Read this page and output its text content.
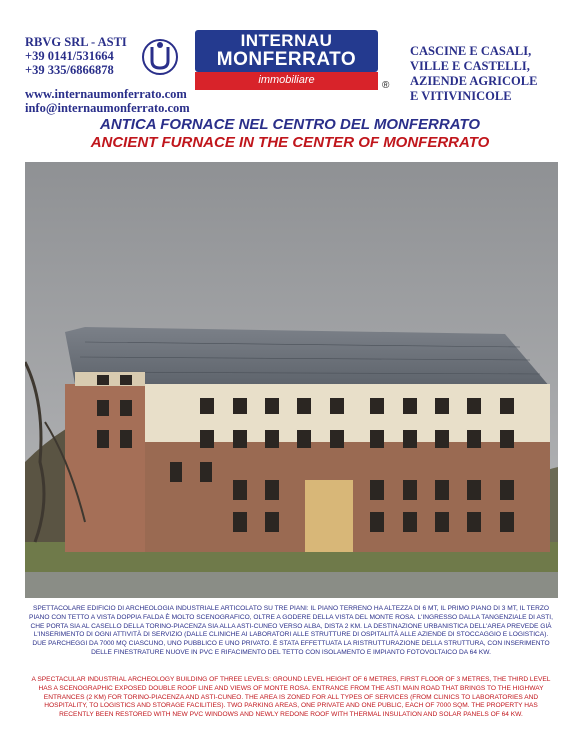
RBVG SRL - ASTI
+39 0141/531664
+39 335/6866878
www.internaumonferrato.com
info@internaumonferrato.com
INTERNAU
MONFERRATO
immobiliare	®
CASCINE E CASALI,
VILLE E CASTELLI,
AZIENDE AGRICOLE
E VITIVINICOLE
ANTICA FORNACE NEL CENTRO DEL MONFERRATO
ANCIENT FURNACE IN THE CENTER OF MONFERRATO
SPETTACOLARE EDIFICIO DI ARCHEOLOGIA INDUSTRIALE ARTICOLATO SU TRE PIANI: IL PIANO TERRENO HA ALTEZZA DI 6 MT, IL PRIMO PIANO DI 3 MT, IL TERZO PIANO CON TETTO A VISTA DOPPIA FALDA È MOLTO SCENOGRAFICO, OLTRE A GODERE DELLA VISTA DEL MONTE ROSA. L'INGRESSO DALLA TANGENZIALE DI ASTI, CHE PORTA SIA AL CASELLO DELLA TORINO-PIACENZA SIA ALLA ASTI-CUNEO VERSO ALBA, DISTA 2 KM. LA DESTINAZIONE URBANISTICA DELL'AREA PREVEDE GIÀ L'INSERIMENTO DI OGNI ATTIVITÀ DI SERVIZIO (DALLE CLINICHE AI LABORATORI ALLE STRUTTURE DI OSPITALITÀ ALLE AZIENDE DI STOCCAGGIO E LOGISTICA). DUE PARCHEGGI DA 7000 MQ CIASCUNO, UNO PUBBLICO E UNO PRIVATO. È STATA EFFETTUATA LA RISTRUTTURAZIONE DELLA STRUTTURA, CON INSERIMENTO DELLE FINESTRATURE NUOVE IN PVC E RIFACIMENTO DEL TETTO CON ISOLAMENTO E IMPIANTO FOTOVOLTAICO DA 64 KW.
A SPECTACULAR INDUSTRIAL ARCHEOLOGY BUILDING OF THREE LEVELS: GROUND LEVEL HEIGHT OF 6 METRES, FIRST FLOOR OF 3 METRES, THE THIRD LEVEL HAS A SCENOGRAPHIC EXPOSED DOUBLE ROOF LINE AND VIEWS OF MONTE ROSA. ENTRANCE FROM THE ASTI MAIN ROAD THAT BRINGS TO THE HIGHWAY ENTRANCES (2 KM) FOR TORINO-PIACENZA AND ASTI-CUNEO. THE AREA IS ZONED FOR ALL TYPES OF SERVICES (FROM CLINICS TO LABORATORIES AND HOSPITALITY, TO LOGISTICS AND STORAGE FACILITIES). TWO PARKING AREAS, ONE PRIVATE AND ONE PUBLIC, EACH OF 7000 SQM. THE PROPERTY HAS RECENTLY BEEN RESTORED WITH NEW PVC WINDOWS AND NEWLY REDONE ROOF WITH THERMAL INSULATION AND SOLAR PANELS OF 64 KW.
